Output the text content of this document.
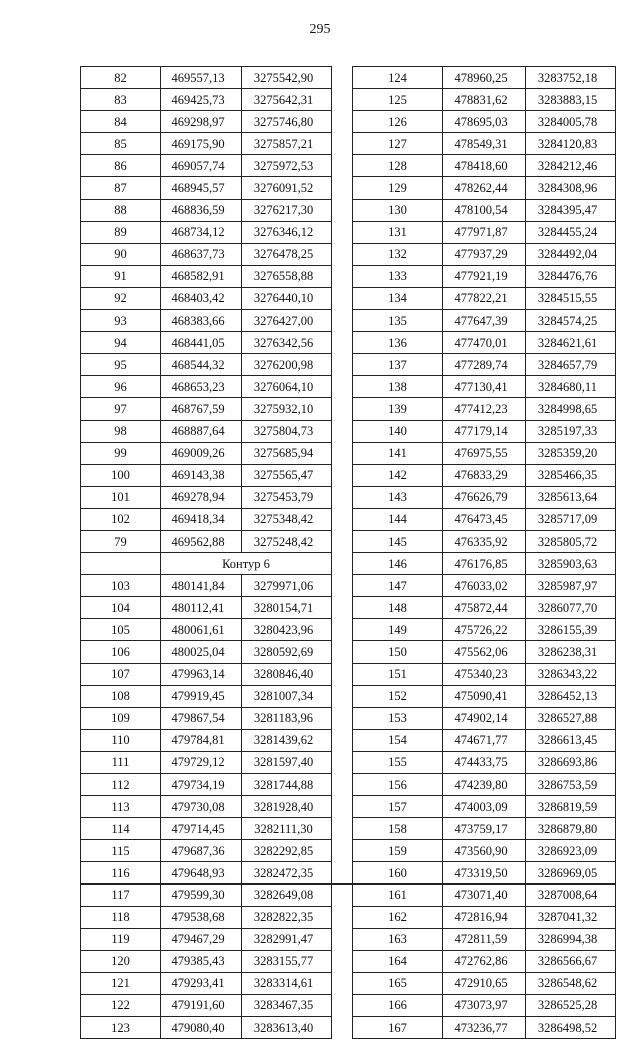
295
82	469557,13	3275542,90
83	469425,73	3275642,31
84	469298,97	3275746,80
85	469175,90	3275857,21
86	469057,74	3275972,53
87	468945,57	3276091,52
88	468836,59	3276217,30
89	468734,12	3276346,12
90	468637,73	3276478,25
91	468582,91	3276558,88
92	468403,42	3276440,10
93	468383,66	3276427,00
94	468441,05	3276342,56
95	468544,32	3276200,98
96	468653,23	3276064,10
97	468767,59	3275932,10
98	468887,64	3275804,73
99	469009,26	3275685,94
100	469143,38	3275565,47
101	469278,94	3275453,79
102	469418,34	3275348,42
79	469562,88	3275248,42
	Контур 6	
103	480141,84	3279971,06
104	480112,41	3280154,71
105	480061,61	3280423,96
106	480025,04	3280592,69
107	479963,14	3280846,40
108	479919,45	3281007,34
109	479867,54	3281183,96
110	479784,81	3281439,62
111	479729,12	3281597,40
112	479734,19	3281744,88
113	479730,08	3281928,40
114	479714,45	3282111,30
115	479687,36	3282292,85
116	479648,93	3282472,35
117	479599,30	3282649,08
118	479538,68	3282822,35
119	479467,29	3282991,47
120	479385,43	3283155,77
121	479293,41	3283314,61
122	479191,60	3283467,35
123	479080,40	3283613,40
124	478960,25	3283752,18
125	478831,62	3283883,15
126	478695,03	3284005,78
127	478549,31	3284120,83
128	478418,60	3284212,46
129	478262,44	3284308,96
130	478100,54	3284395,47
131	477971,87	3284455,24
132	477937,29	3284492,04
133	477921,19	3284476,76
134	477822,21	3284515,55
135	477647,39	3284574,25
136	477470,01	3284621,61
137	477289,74	3284657,79
138	477130,41	3284680,11
139	477412,23	3284998,65
140	477179,14	3285197,33
141	476975,55	3285359,20
142	476833,29	3285466,35
143	476626,79	3285613,64
144	476473,45	3285717,09
145	476335,92	3285805,72
146	476176,85	3285903,63
147	476033,02	3285987,97
148	475872,44	3286077,70
149	475726,22	3286155,39
150	475562,06	3286238,31
151	475340,23	3286343,22
152	475090,41	3286452,13
153	474902,14	3286527,88
154	474671,77	3286613,45
155	474433,75	3286693,86
156	474239,80	3286753,59
157	474003,09	3286819,59
158	473759,17	3286879,80
159	473560,90	3286923,09
160	473319,50	3286969,05
161	473071,40	3287008,64
162	472816,94	3287041,32
163	472811,59	3286994,38
164	472762,86	3286566,67
165	472910,65	3286548,62
166	473073,97	3286525,28
167	473236,77	3286498,52
